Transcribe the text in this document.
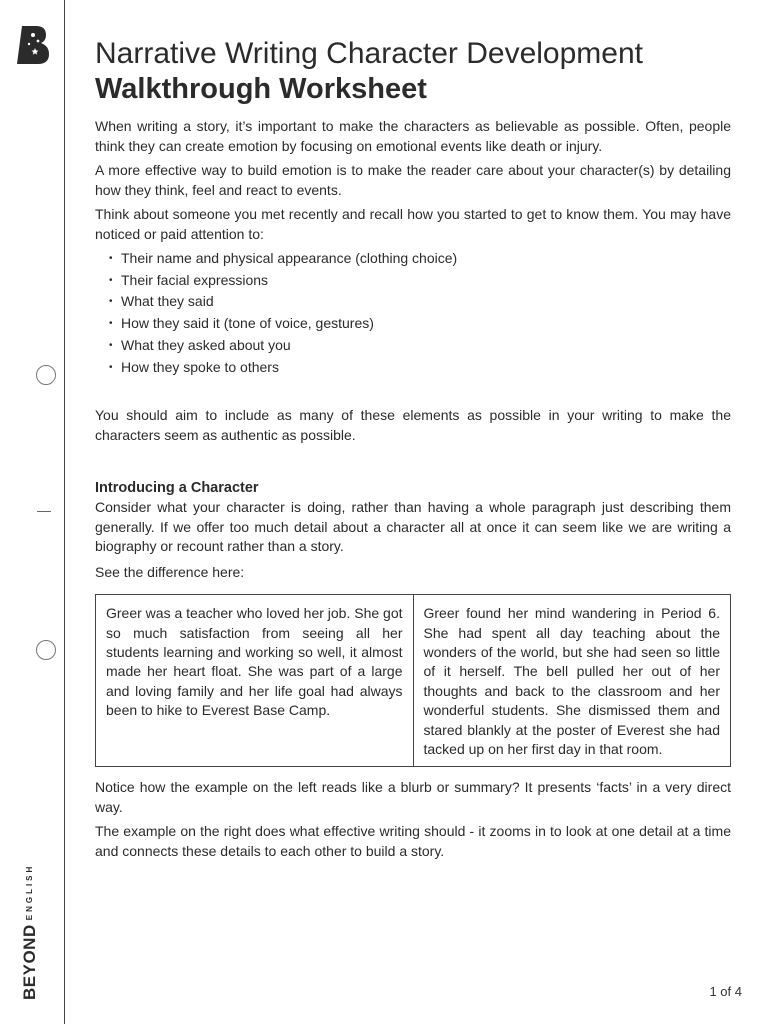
$BEYOND^{ENGLISH}$
Narrative Writing Character Development
Walkthrough Worksheet

When writing a story, it’s important to make the characters as believable as possible. Often, people think they can create emotion by focusing on emotional events like death or injury.

A more effective way to build emotion is to make the reader care about your character(s) by detailing how they think, feel and react to events.

Think about someone you met recently and recall how you started to get to know them. You may have noticed or paid attention to:

• Their name and physical appearance (clothing choice)
• Their facial expressions
• What they said
• How they said it (tone of voice, gestures)
• What they asked about you
• How they spoke to others

You should aim to include as many of these elements as possible in your writing to make the characters seem as authentic as possible.

Introducing a Character

Consider what your character is doing, rather than having a whole paragraph just describing them generally. If we offer too much detail about a character all at once it can seem like we are writing a biography or recount rather than a story.

See the difference here:

Greer was a teacher who loved her job. She got so much satisfaction from seeing all her students learning and working so well, it almost made her heart float. She was part of a large and loving family and her life goal had always been to hike to Everest Base Camp.	Greer found her mind wandering in Period 6. She had spent all day teaching about the wonders of the world, but she had seen so little of it herself. The bell pulled her out of her thoughts and back to the classroom and her wonderful students. She dismissed them and stared blankly at the poster of Everest she had tacked up on her first day in that room.

Notice how the example on the left reads like a blurb or summary? It presents ‘facts’ in a very direct way.

The example on the right does what effective writing should - it zooms in to look at one detail at a time and connects these details to each other to build a story.

1 of 4
